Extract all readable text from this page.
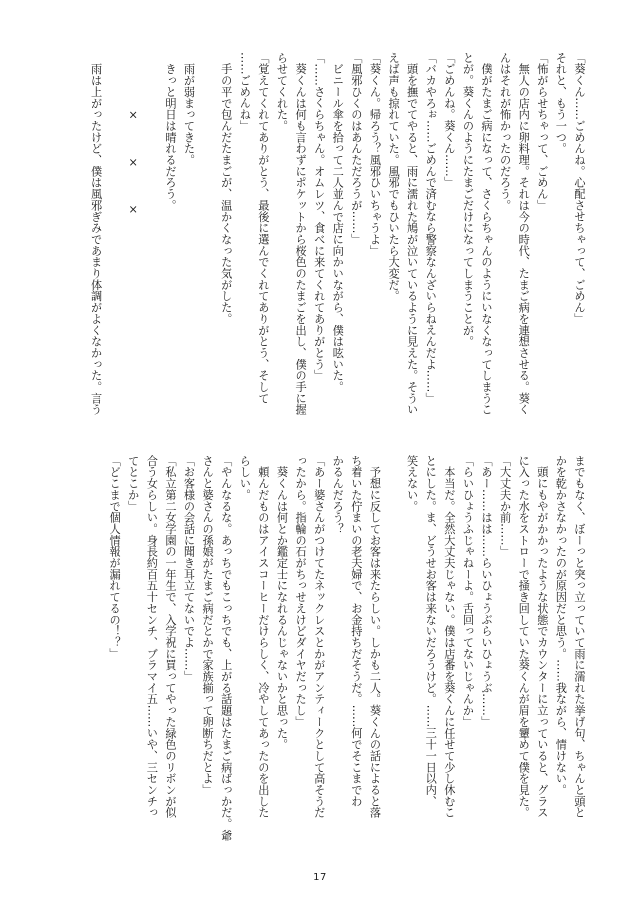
「葵くん……ごめんね。心配させちゃって、ごめん」
それと、もう一つ。
「怖がらせちゃって、ごめん」
　無人の店内に卵料理。それは今の時代、たまご病を連想させる。葵く
んはそれが怖かったのだろう。
　僕がたまご病になって、さくらちゃんのようにいなくなってしまうこ
とが。葵くんのようにたまごだけになってしまうことが。
「ごめんね。葵くん……」
「バカやろぉ……ごめんで済むなら警察なんざいらねえんだよ……」
　頭を撫でてやると、雨に濡れた鳩が泣いているように見えた。そうい
えば声も掠れていた。風邪でもひいたら大変だ。
「葵くん。帰ろう？風邪ひいちゃうよ」
「風邪ひくのはあんただろうが……」
　ビニール傘を拾って二人並んで店に向かいながら、僕は呟いた。
「……さくらちゃん。オムレツ、食べに来てくれてありがとう」
　葵くんは何も言わずにポケットから桜色のたまごを出し、僕の手に握
らせてくれた。
「覚えてくれてありがとう、最後に選んでくれてありがとう、そして
……ごめんね」
　手の平で包んだたまごが、温かくなった気がした。

　雨が弱まってきた。
　きっと明日は晴れるだろう。

　　　　　×　　　×　　　×

　雨は上がったけど、僕は風邪ぎみであまり体調がよくなかった。言う
までもなく、ぼーっと突っ立っていて雨に濡れた挙げ句、ちゃんと頭と
かを乾かさなかったのが原因だと思う。……我ながら、情けない。
　頭にもやがかかったような状態でカウンターに立っていると、グラス
に入った水をストローで掻き回していた葵くんが眉を顰めて僕を見た。
「大丈夫か前……」
「あー……はは……らいひょうぶらいひょうぶ……」
「らいひょうふじゃねーよ。舌回ってないじゃんか」
　本当だ。全然大丈夫じゃない。僕は店番を葵くんに任せて少し休むこ
とにした。ま、どうせお客は来ないだろうけど。……三十一日以内、
笑えない。

　予想に反してお客は来たらしい。しかも二人。葵くんの話によると落
ち着いた佇まいの老夫婦で、お金持ちだそうだ。……何でそこまでわ
かるんだろう？
「あー婆さんがつけてたネックレスとかがアンティークとして高そうだ
ったから。指輪の石がちっせえけどダイヤだったし」
　葵くんは何とか鑑定士になれるんじゃないかと思った。
　頼んだものはアイスコーヒーだけらしく、冷やしてあったのを出した
らしい。
「やんなるな。あっちでもこっちでも、上がる話題はたまご病ばっかだ。爺
さんと婆さんの孫娘がたまご病だとかで家族揃って卵断ちだとよ」
「お客様の会話に聞き耳立てないでよ……」
「私立第二女学園の一年生で、入学祝に買ってやった緑色のリボンが似
合う女らしい。身長約百五十センチ、ブラマイ五……いや、三センチっ
てとこか」
「どこまで個人情報が漏れてるの！？」
17
